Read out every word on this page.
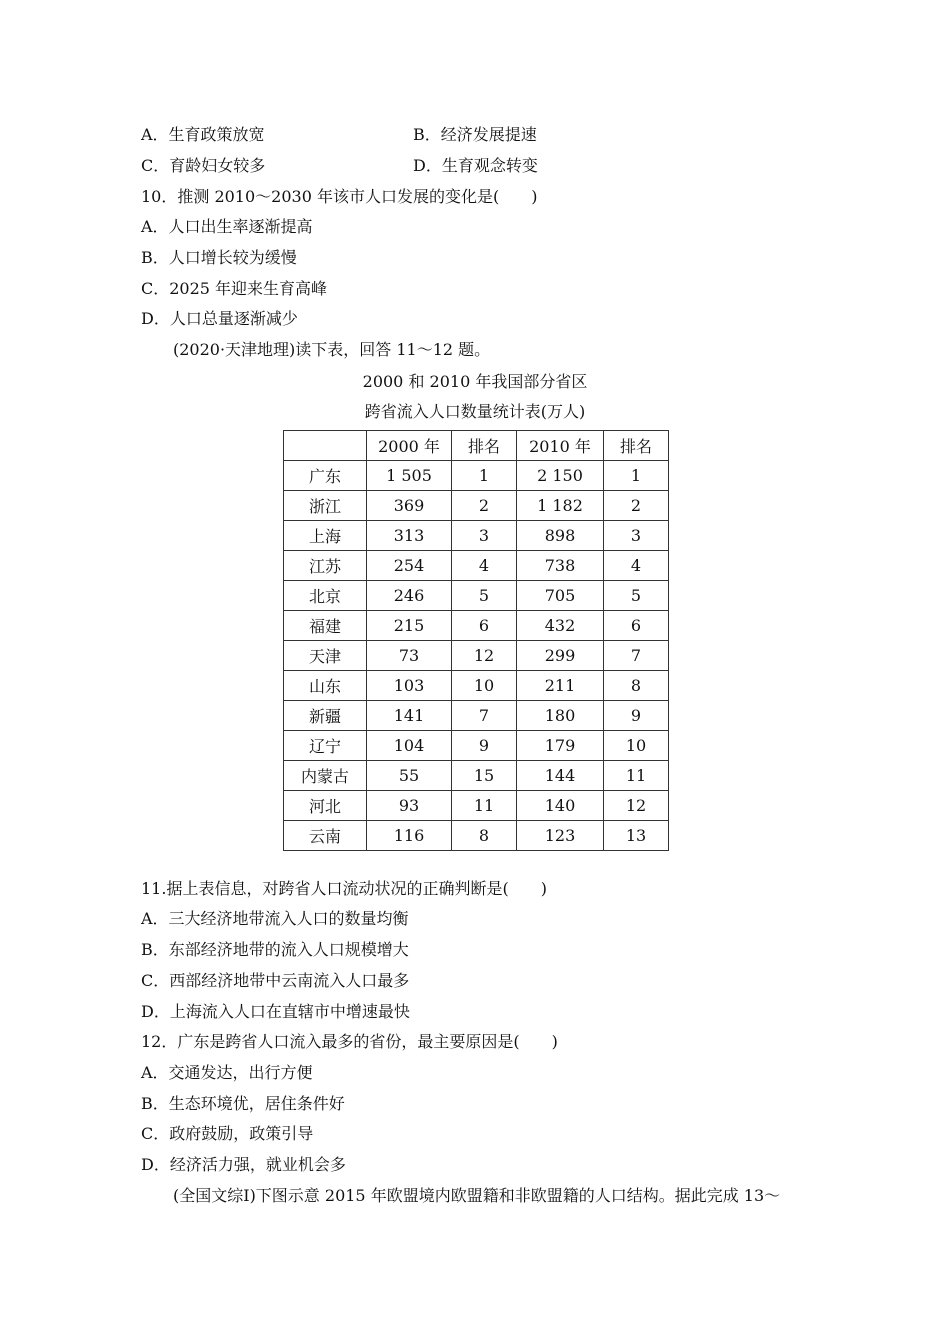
A．生育政策放宽	B．经济发展提速
C．育龄妇女较多	D．生育观念转变
10．推测 2010～2030 年该市人口发展的变化是(　　)
A．人口出生率逐渐提高
B．人口增长较为缓慢
C．2025 年迎来生育高峰
D．人口总量逐渐减少
(2020·天津地理)读下表，回答 11～12 题。
2000 和 2010 年我国部分省区
跨省流入人口数量统计表(万人)
	2000 年	排名	2010 年	排名
广东	1 505	1	2 150	1
浙江	369	2	1 182	2
上海	313	3	898	3
江苏	254	4	738	4
北京	246	5	705	5
福建	215	6	432	6
天津	73	12	299	7
山东	103	10	211	8
新疆	141	7	180	9
辽宁	104	9	179	10
内蒙古	55	15	144	11
河北	93	11	140	12
云南	116	8	123	13
11.据上表信息，对跨省人口流动状况的正确判断是(　　)
A．三大经济地带流入人口的数量均衡
B．东部经济地带的流入人口规模增大
C．西部经济地带中云南流入人口最多
D．上海流入人口在直辖市中增速最快
12．广东是跨省人口流入最多的省份，最主要原因是(　　)
A．交通发达，出行方便
B．生态环境优，居住条件好
C．政府鼓励，政策引导
D．经济活力强，就业机会多
(全国文综Ⅰ)下图示意 2015 年欧盟境内欧盟籍和非欧盟籍的人口结构。据此完成 13～
